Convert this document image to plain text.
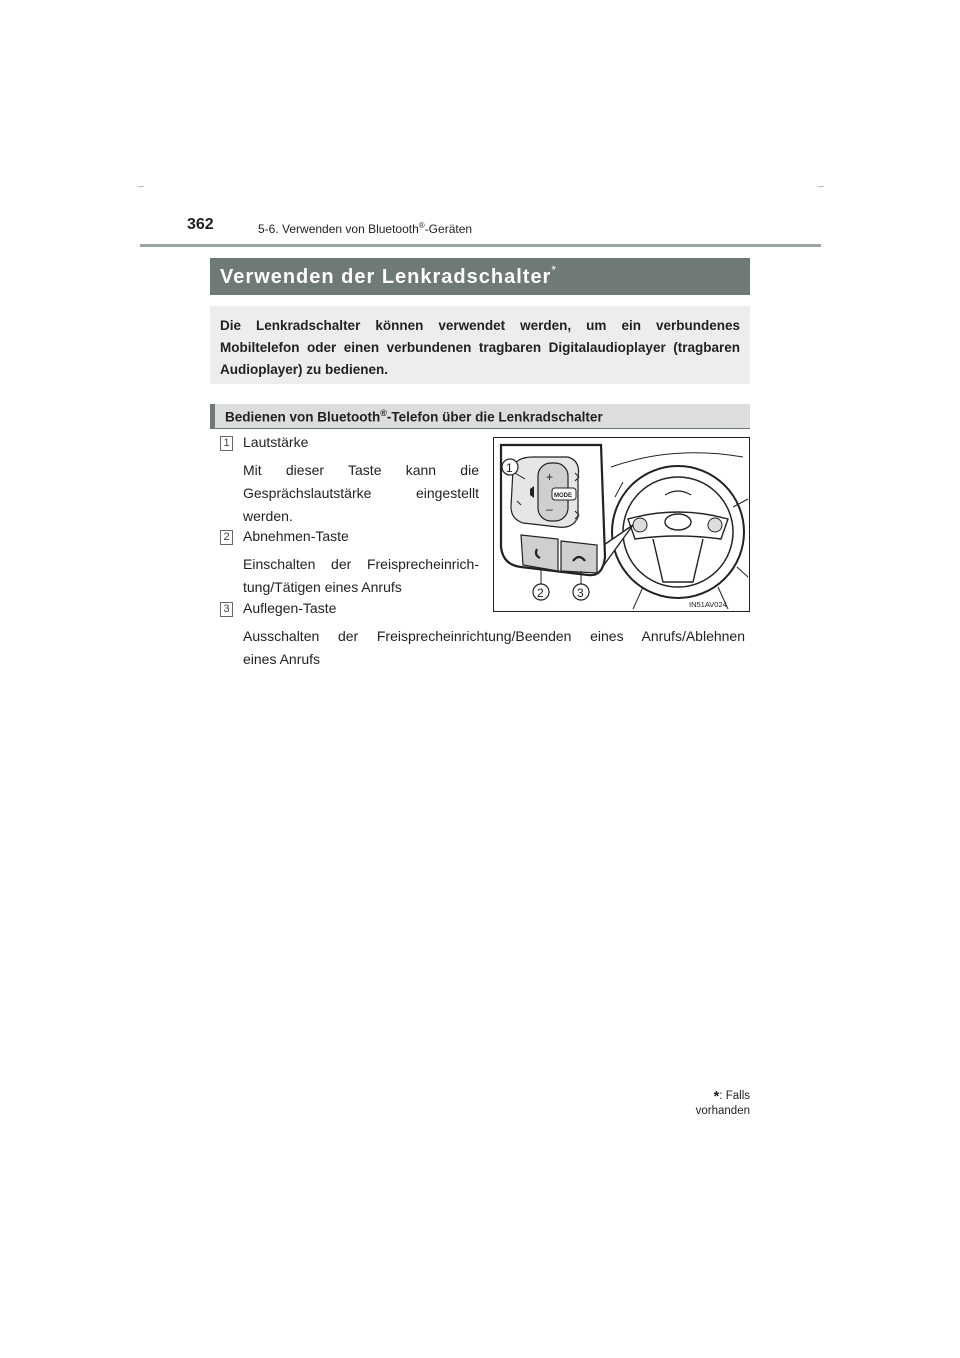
362	5-6. Verwenden von Bluetooth®-Geräten
Verwenden der Lenkradschalter*
Die Lenkradschalter können verwendet werden, um ein verbundenes Mobiltelefon oder einen verbundenen tragbaren Digitalaudioplayer (tragbaren Audioplayer) zu bedienen.
Bedienen von Bluetooth®-Telefon über die Lenkradschalter
1 Lautstärke
Mit dieser Taste kann die
Gesprächslautstärke eingestellt
werden.
2 Abnehmen-Taste
Einschalten der Freisprecheinrich-
tung/Tätigen eines Anrufs
3 Auflegen-Taste
Ausschalten der Freisprecheinrichtung/Beenden eines Anrufs/Ablehnen
eines Anrufs
+
–
MODE
1
2	3
IN51AV024
*: Falls vorhanden
